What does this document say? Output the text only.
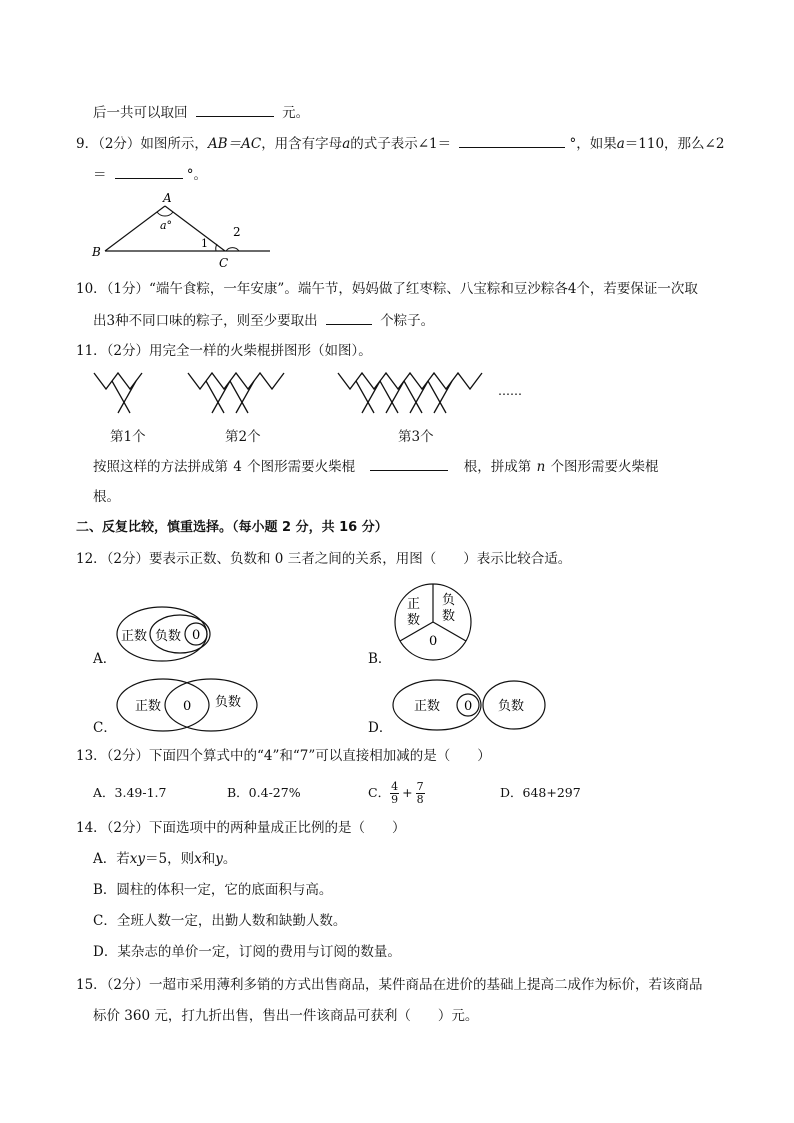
后一共可以取回	元。
9．（2分）如图所示，AB＝AC，用含有字母a的式子表示∠1＝	°，如果a＝110，那么∠2
＝	°。
A
B
C
a°
1
2
10．（1分）“端午食粽，一年安康”。端午节，妈妈做了红枣粽、八宝粽和豆沙粽各4个，若要保证一次取
出3种不同口味的粽子，则至少要取出	个粽子。
11．（2分）用完全一样的火柴棍拼图形（如图）。
……
第1个	第2个	第3个
按照这样的方法拼成第 4 个图形需要火柴棍	根，拼成第 n 个图形需要火柴棍
根。
二、反复比较，慎重选择。（每小题 2 分，共 16 分）
12．（2分）要表示正数、负数和 0 三者之间的关系，用图（　　）表示比较合适。
A．
正数 负数 0
B．
正
数
负
数
0
C．
正数 0 负数
D．
正数 0 负数
13．（2分）下面四个算式中的“4”和“7”可以直接相加减的是（　　）
A．3.49-1.7	B．0.4-27%	C． $\frac{4}{9} + \frac{7}{8}$	D．648+297
14．（2分）下面选项中的两种量成正比例的是（　　）
A．若xy＝5，则x和y。
B．圆柱的体积一定，它的底面积与高。
C．全班人数一定，出勤人数和缺勤人数。
D．某杂志的单价一定，订阅的费用与订阅的数量。
15．（2分）一超市采用薄利多销的方式出售商品，某件商品在进价的基础上提高二成作为标价，若该商品
标价 360 元，打九折出售，售出一件该商品可获利（　　）元。
